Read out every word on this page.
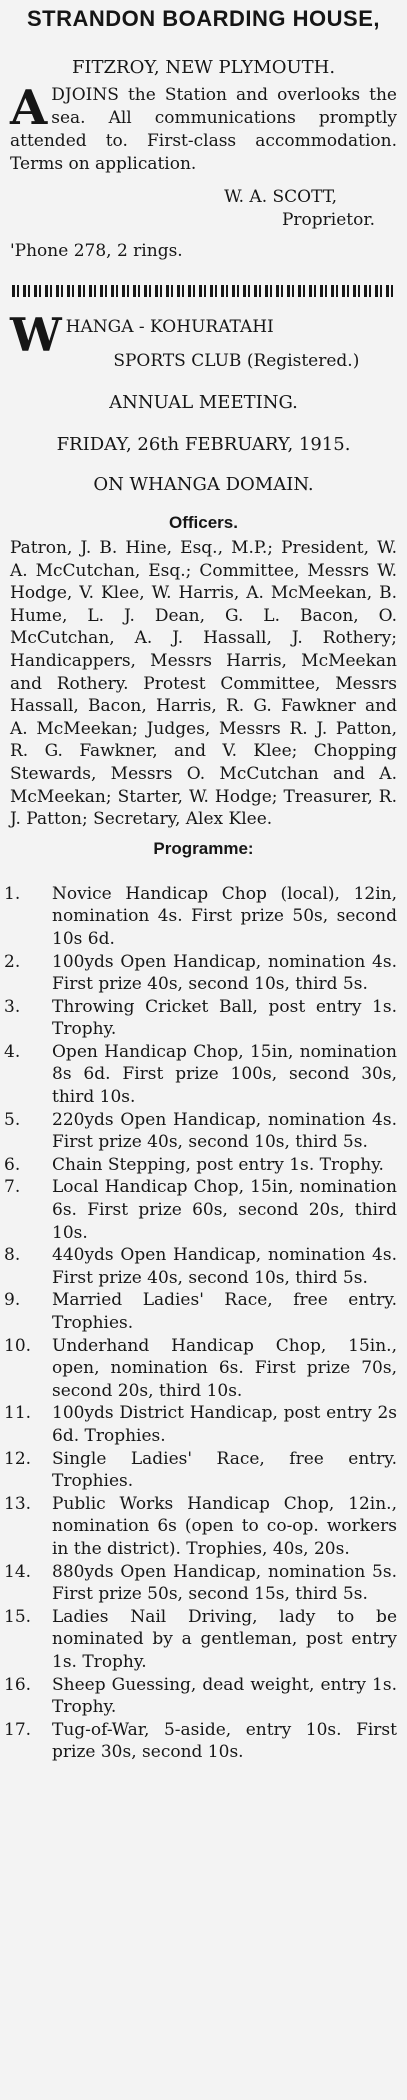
STRANDON BOARDING HOUSE,
FITZROY, NEW PLYMOUTH.
ADJOINS the Station and overlooks the sea. All communications promptly attended to. First-class accommodation. Terms on application.
W. A. SCOTT,
Proprietor.
'Phone 278, 2 rings.
WHANGA - KOHURATAHI
SPORTS CLUB (Registered.)
ANNUAL MEETING.
FRIDAY, 26th FEBRUARY, 1915.
ON WHANGA DOMAIN.
Officers.
Patron, J. B. Hine, Esq., M.P.; President, W. A. McCutchan, Esq.; Committee, Messrs W. Hodge, V. Klee, W. Harris, A. McMeekan, B. Hume, L. J. Dean, G. L. Bacon, O. McCutchan, A. J. Hassall, J. Rothery; Handicappers, Messrs Harris, McMeekan and Rothery. Protest Committee, Messrs Hassall, Bacon, Harris, R. G. Fawkner and A. McMeekan; Judges, Messrs R. J. Patton, R. G. Fawkner, and V. Klee; Chopping Stewards, Messrs O. McCutchan and A. McMeekan; Starter, W. Hodge; Treasurer, R. J. Patton; Secretary, Alex Klee.
Programme:
1.	Novice Handicap Chop (local), 12in, nomination 4s. First prize 50s, second 10s 6d.
2.	100yds Open Handicap, nomination 4s. First prize 40s, second 10s, third 5s.
3.	Throwing Cricket Ball, post entry 1s. Trophy.
4.	Open Handicap Chop, 15in, nomination 8s 6d. First prize 100s, second 30s, third 10s.
5.	220yds Open Handicap, nomination 4s. First prize 40s, second 10s, third 5s.
6.	Chain Stepping, post entry 1s. Trophy.
7.	Local Handicap Chop, 15in, nomination 6s. First prize 60s, second 20s, third 10s.
8.	440yds Open Handicap, nomination 4s. First prize 40s, second 10s, third 5s.
9.	Married Ladies' Race, free entry. Trophies.
10.	Underhand Handicap Chop, 15in., open, nomination 6s. First prize 70s, second 20s, third 10s.
11.	100yds District Handicap, post entry 2s 6d. Trophies.
12.	Single Ladies' Race, free entry. Trophies.
13.	Public Works Handicap Chop, 12in., nomination 6s (open to co-op. workers in the district). Trophies, 40s, 20s.
14.	880yds Open Handicap, nomination 5s. First prize 50s, second 15s, third 5s.
15.	Ladies Nail Driving, lady to be nominated by a gentleman, post entry 1s. Trophy.
16.	Sheep Guessing, dead weight, entry 1s. Trophy.
17.	Tug-of-War, 5-aside, entry 10s. First prize 30s, second 10s.
